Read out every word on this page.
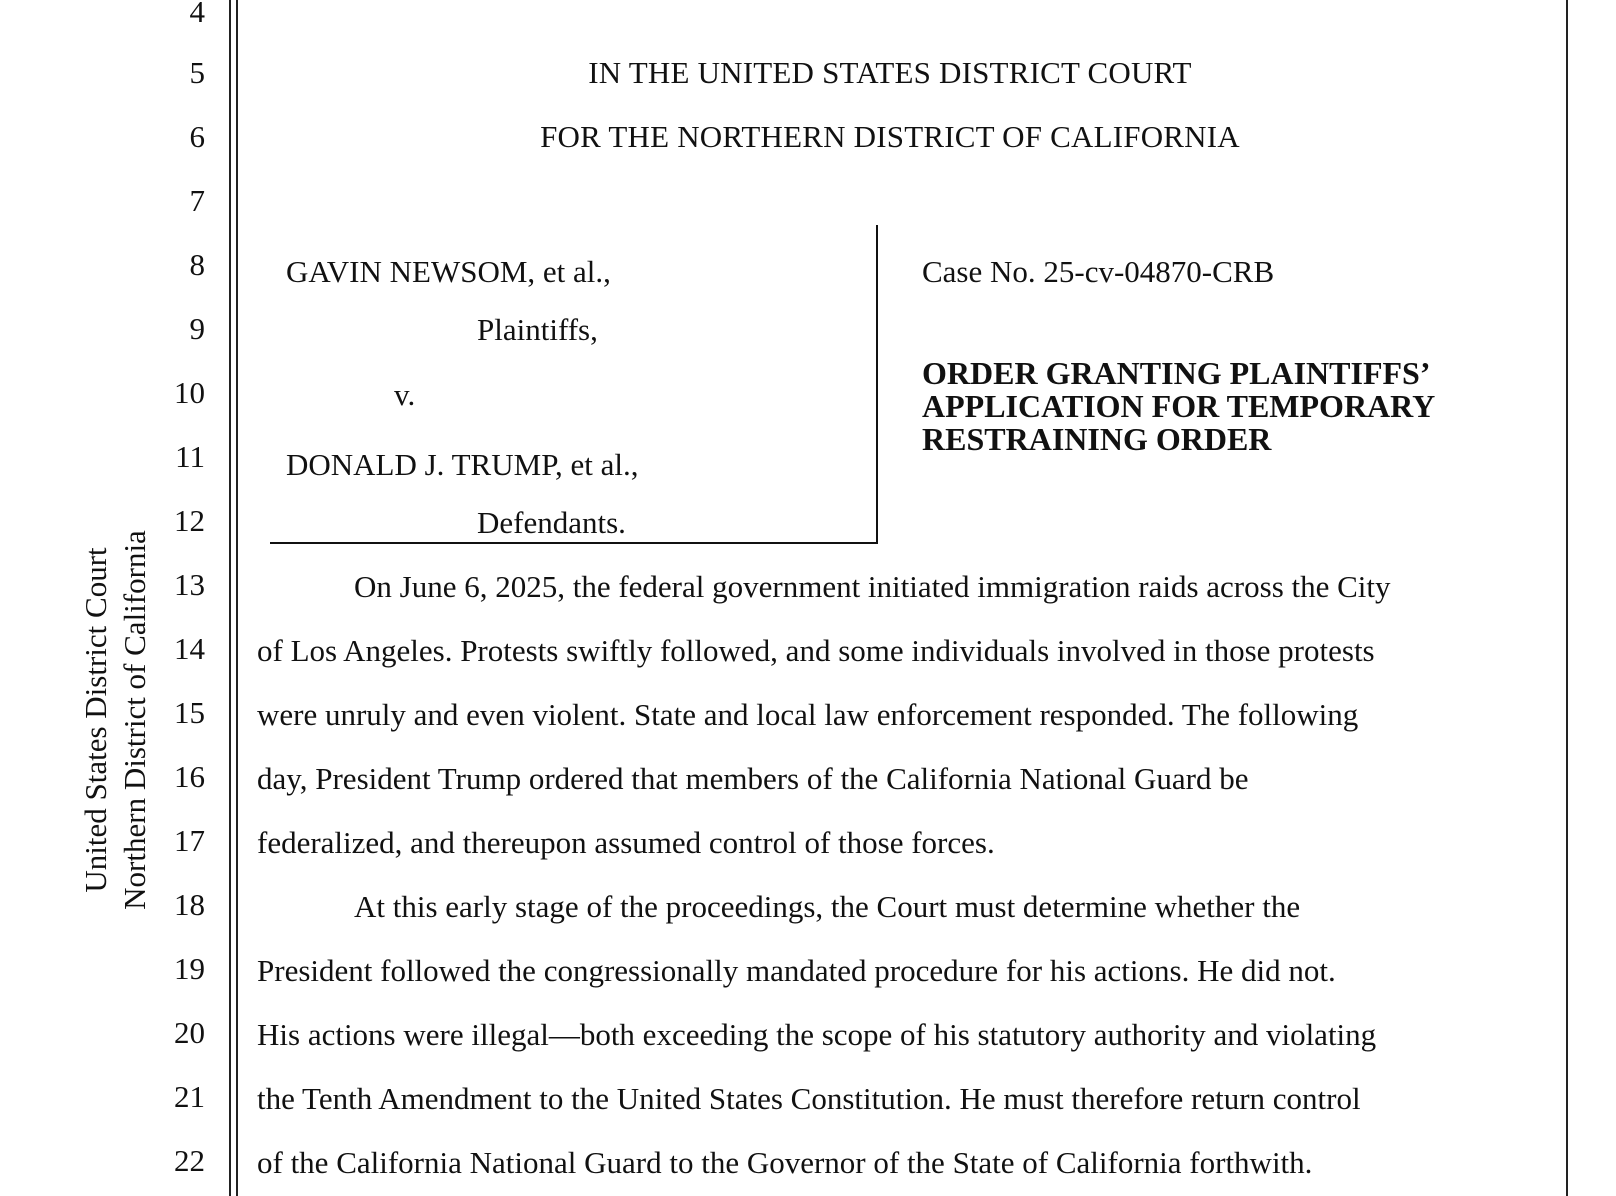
United States District Court Northern District of California
4
5
6
7
8
9
10
11
12
13
14
15
16
17
18
19
20
21
22
IN THE UNITED STATES DISTRICT COURT
FOR THE NORTHERN DISTRICT OF CALIFORNIA
GAVIN NEWSOM, et al.,
Plaintiffs,
v.
DONALD J. TRUMP, et al.,
Defendants.
Case No. 25-cv-04870-CRB
ORDER GRANTING PLAINTIFFS’
APPLICATION FOR TEMPORARY
RESTRAINING ORDER
On June 6, 2025, the federal government initiated immigration raids across the City
of Los Angeles. Protests swiftly followed, and some individuals involved in those protests
were unruly and even violent. State and local law enforcement responded. The following
day, President Trump ordered that members of the California National Guard be
federalized, and thereupon assumed control of those forces.
At this early stage of the proceedings, the Court must determine whether the
President followed the congressionally mandated procedure for his actions. He did not.
His actions were illegal—both exceeding the scope of his statutory authority and violating
the Tenth Amendment to the United States Constitution. He must therefore return control
of the California National Guard to the Governor of the State of California forthwith.
